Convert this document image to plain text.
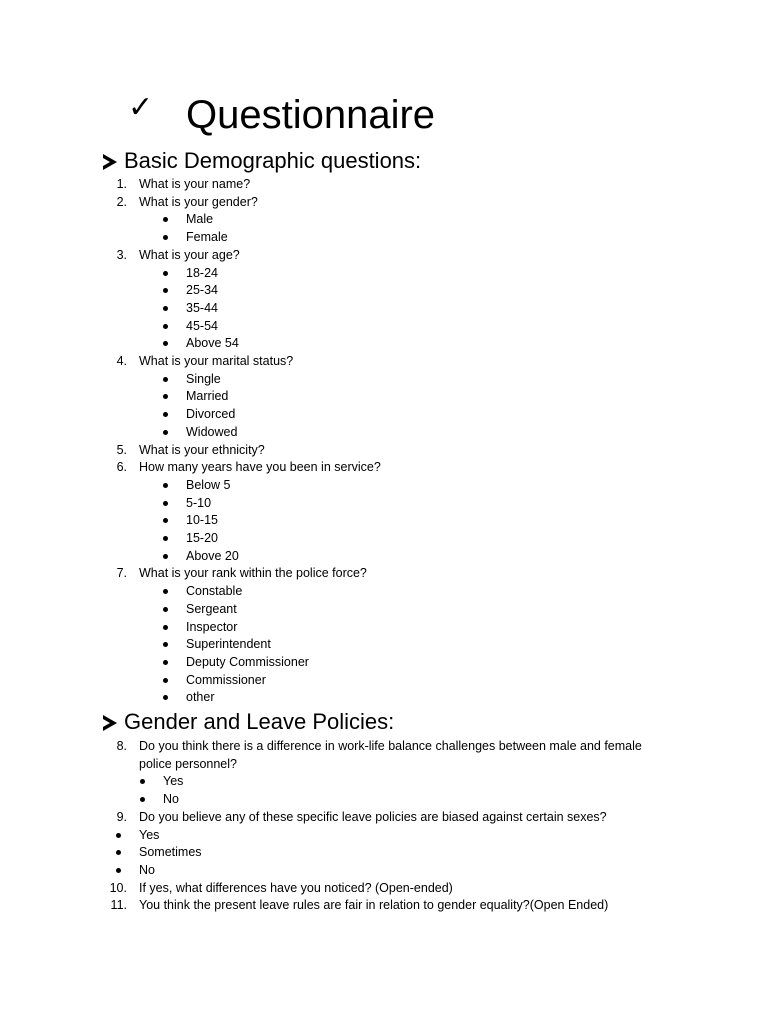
✓ Questionnaire
Basic Demographic questions:
Gender and Leave Policies:
1. What is your name?
2. What is your gender?
Male
Female
3. What is your age?
18-24
25-34
35-44
45-54
Above 54
4. What is your marital status?
Single
Married
Divorced
Widowed
5. What is your ethnicity?
6. How many years have you been in service?
Below 5
5-10
10-15
15-20
Above 20
7. What is your rank within the police force?
Constable
Sergeant
Inspector
Superintendent
Deputy Commissioner
Commissioner
other
8. Do you think there is a difference in work-life balance challenges between male and female
police personnel?
Yes
No
9. Do you believe any of these specific leave policies are biased against certain sexes?
Yes
Sometimes
No
10. If yes, what differences have you noticed? (Open-ended)
11. You think the present leave rules are fair in relation to gender equality?(Open Ended)
